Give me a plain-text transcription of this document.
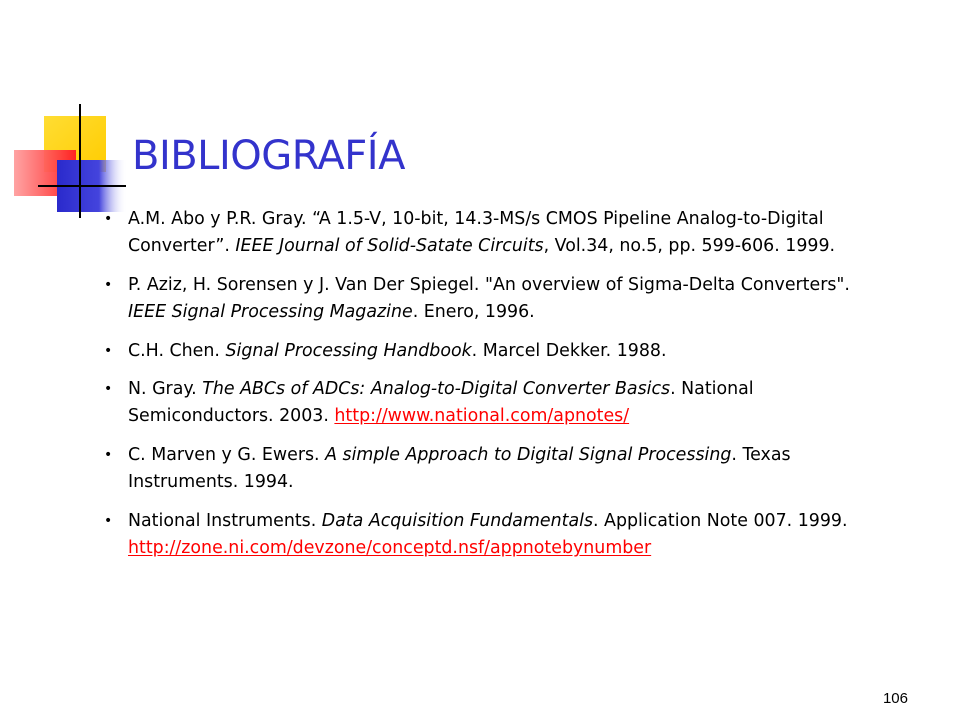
BIBLIOGRAFÍA
• A.M. Abo y P.R. Gray. “A 1.5-V, 10-bit, 14.3-MS/s CMOS Pipeline Analog-to-Digital Converter”. IEEE Journal of Solid-Satate Circuits, Vol.34, no.5, pp. 599-606. 1999.
• P. Aziz, H. Sorensen y J. Van Der Spiegel. "An overview of Sigma-Delta Converters". IEEE Signal Processing Magazine. Enero, 1996.
• C.H. Chen. Signal Processing Handbook. Marcel Dekker. 1988.
• N. Gray. The ABCs of ADCs: Analog-to-Digital Converter Basics. National Semiconductors. 2003. http://www.national.com/apnotes/
• C. Marven y G. Ewers. A simple Approach to Digital Signal Processing. Texas Instruments. 1994.
• National Instruments. Data Acquisition Fundamentals. Application Note 007. 1999. http://zone.ni.com/devzone/conceptd.nsf/appnotebynumber
106
